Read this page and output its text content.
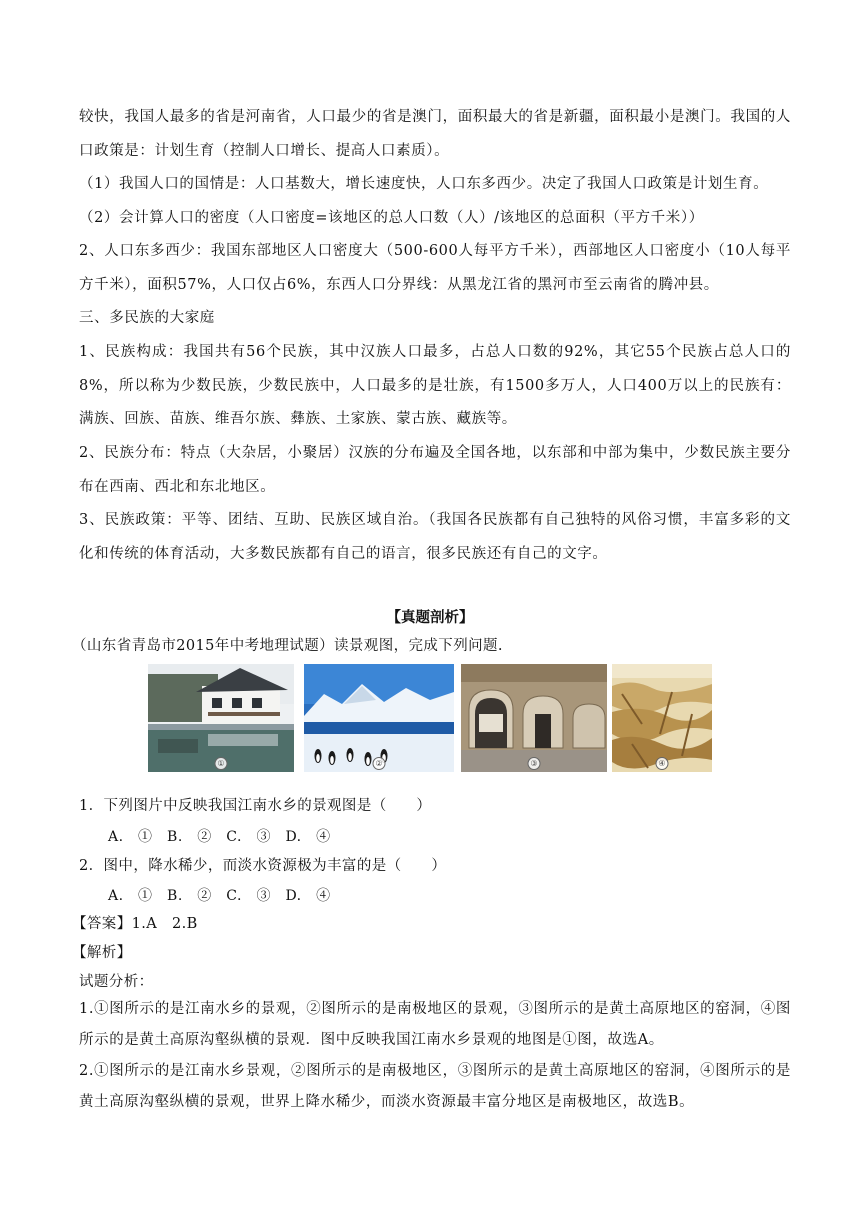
较快，我国人最多的省是河南省，人口最少的省是澳门，面积最大的省是新疆，面积最小是澳门。我国的人口政策是：计划生育（控制人口增长、提高人口素质）。

（1）我国人口的国情是：人口基数大，增长速度快，人口东多西少。决定了我国人口政策是计划生育。

（2）会计算人口的密度（人口密度=该地区的总人口数（人）/该地区的总面积（平方千米））

2、人口东多西少：我国东部地区人口密度大（500-600人每平方千米），西部地区人口密度小（10人每平方千米），面积57%，人口仅占6%，东西人口分界线：从黑龙江省的黑河市至云南省的腾冲县。

三、多民族的大家庭

1、民族构成：我国共有56个民族，其中汉族人口最多，占总人口数的92%，其它55个民族占总人口的8%，所以称为少数民族，少数民族中，人口最多的是壮族，有1500多万人，人口400万以上的民族有：满族、回族、苗族、维吾尔族、彝族、土家族、蒙古族、藏族等。

2、民族分布：特点（大杂居，小聚居）汉族的分布遍及全国各地，以东部和中部为集中，少数民族主要分布在西南、西北和东北地区。

3、民族政策：平等、团结、互助、民族区域自治。（我国各民族都有自己独特的风俗习惯，丰富多彩的文化和传统的体育活动，大多数民族都有自己的语言，很多民族还有自己的文字。

【真题剖析】
（山东省青岛市2015年中考地理试题）读景观图，完成下列问题.
①	②	③	④
1．下列图片中反映我国江南水乡的景观图是（　　）
A.　①　B.　②　C.　③　D.　④
2．图中，降水稀少，而淡水资源极为丰富的是（　　）
A.　①　B.　②　C.　③　D.　④
【答案】1.A　2.B
【解析】
试题分析：

1.①图所示的是江南水乡的景观，②图所示的是南极地区的景观，③图所示的是黄土高原地区的窑洞，④图所示的是黄土高原沟壑纵横的景观．图中反映我国江南水乡景观的地图是①图，故选A。

2.①图所示的是江南水乡景观，②图所示的是南极地区，③图所示的是黄土高原地区的窑洞，④图所示的是黄土高原沟壑纵横的景观，世界上降水稀少，而淡水资源最丰富分地区是南极地区，故选B。
